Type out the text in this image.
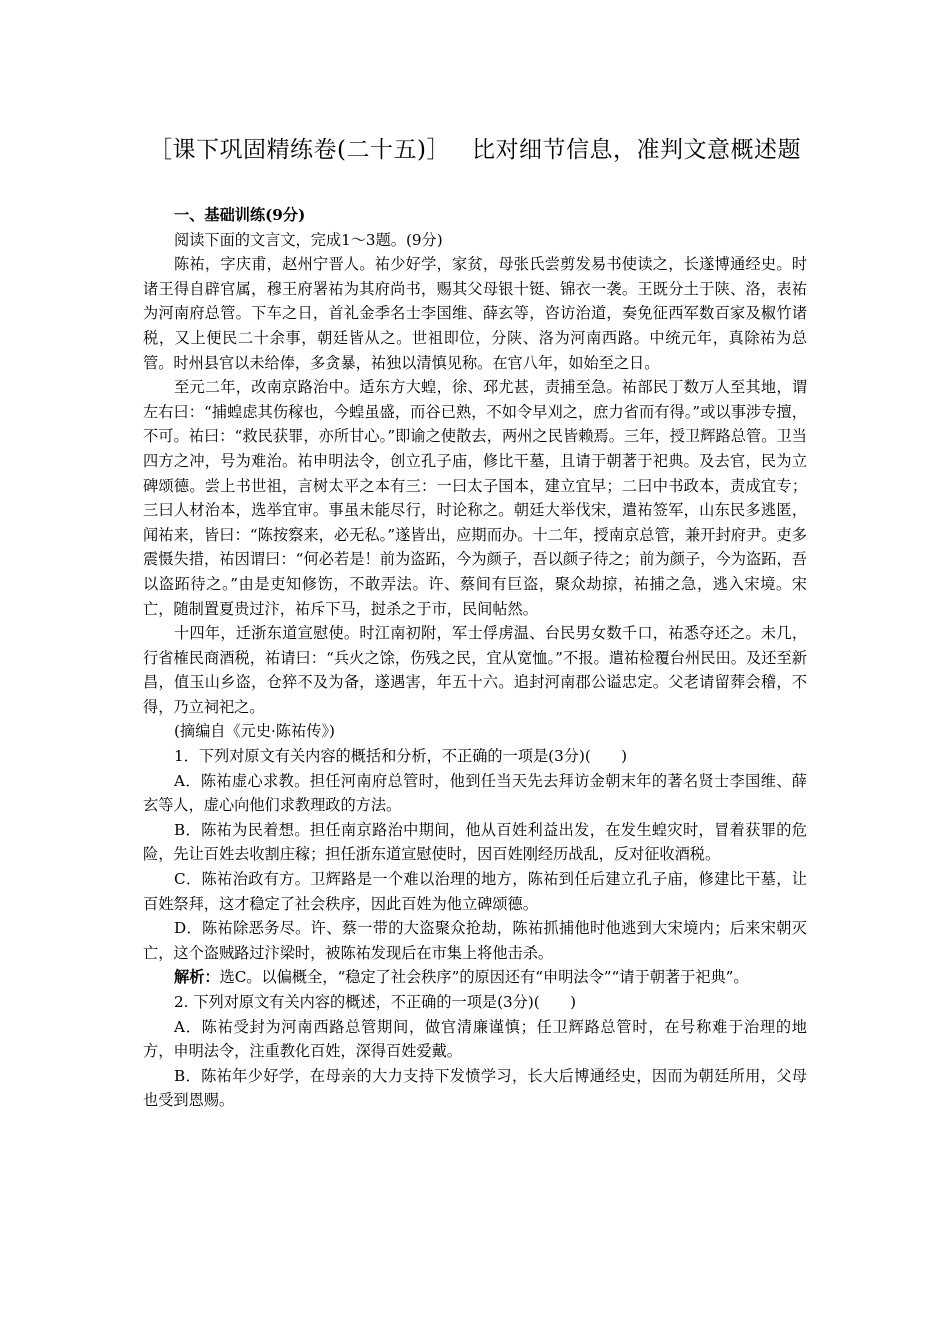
［课下巩固精练卷(二十五)］ 比对细节信息，准判文意概述题

一、基础训练(9分)

阅读下面的文言文，完成1～3题。(9分)

陈祐，字庆甫，赵州宁晋人。祐少好学，家贫，母张氏尝剪发易书使读之，长遂博通经史。时诸王得自辟官属，穆王府署祐为其府尚书，赐其父母银十铤、锦衣一袭。王既分土于陕、洛，表祐为河南府总管。下车之日，首礼金季名士李国维、薛玄等，咨访治道，奏免征西军数百家及椒竹诸税，又上便民二十余事，朝廷皆从之。世祖即位，分陕、洛为河南西路。中统元年，真除祐为总管。时州县官以未给俸，多贪暴，祐独以清慎见称。在官八年，如始至之日。

至元二年，改南京路治中。适东方大蝗，徐、邳尤甚，责捕至急。祐部民丁数万人至其地，谓左右曰：“捕蝗虑其伤稼也，今蝗虽盛，而谷已熟，不如令早刈之，庶力省而有得。”或以事涉专擅，不可。祐曰：“救民获罪，亦所甘心。”即谕之使散去，两州之民皆赖焉。三年，授卫辉路总管。卫当四方之冲，号为难治。祐申明法令，创立孔子庙，修比干墓，且请于朝著于祀典。及去官，民为立碑颂德。尝上书世祖，言树太平之本有三：一曰太子国本，建立宜早；二曰中书政本，责成宜专；三曰人材治本，选举宜审。事虽未能尽行，时论称之。朝廷大举伐宋，遣祐签军，山东民多逃匿，闻祐来，皆曰：“陈按察来，必无私。”遂皆出，应期而办。十二年，授南京总管，兼开封府尹。吏多震慑失措，祐因谓曰：“何必若是！前为盗跖，今为颜子，吾以颜子待之；前为颜子，今为盗跖，吾以盗跖待之。”由是吏知修饬，不敢弄法。许、蔡间有巨盗，聚众劫掠，祐捕之急，逃入宋境。宋亡，随制置夏贵过汴，祐斥下马，挝杀之于市，民间帖然。

十四年，迁浙东道宣慰使。时江南初附，军士俘虏温、台民男女数千口，祐悉夺还之。未几，行省榷民商酒税，祐请曰：“兵火之馀，伤残之民，宜从宽恤。”不报。遣祐检覆台州民田。及还至新昌，值玉山乡盗，仓猝不及为备，遂遇害，年五十六。追封河南郡公谥忠定。父老请留葬会稽，不得，乃立祠祀之。

(摘编自《元史·陈祐传》)

1．下列对原文有关内容的概括和分析，不正确的一项是(3分)(　　)

A．陈祐虚心求教。担任河南府总管时，他到任当天先去拜访金朝末年的著名贤士李国维、薛玄等人，虚心向他们求教理政的方法。

B．陈祐为民着想。担任南京路治中期间，他从百姓利益出发，在发生蝗灾时，冒着获罪的危险，先让百姓去收割庄稼；担任浙东道宣慰使时，因百姓刚经历战乱，反对征收酒税。

C．陈祐治政有方。卫辉路是一个难以治理的地方，陈祐到任后建立孔子庙，修建比干墓，让百姓祭拜，这才稳定了社会秩序，因此百姓为他立碑颂德。

D．陈祐除恶务尽。许、蔡一带的大盗聚众抢劫，陈祐抓捕他时他逃到大宋境内；后来宋朝灭亡，这个盗贼路过汴梁时，被陈祐发现后在市集上将他击杀。

解析：选C。以偏概全，“稳定了社会秩序”的原因还有“申明法令”“请于朝著于祀典”。

2. 下列对原文有关内容的概述，不正确的一项是(3分)(　　)

A．陈祐受封为河南西路总管期间，做官清廉谨慎；任卫辉路总管时，在号称难于治理的地方，申明法令，注重教化百姓，深得百姓爱戴。

B．陈祐年少好学，在母亲的大力支持下发愤学习，长大后博通经史，因而为朝廷所用，父母也受到恩赐。
